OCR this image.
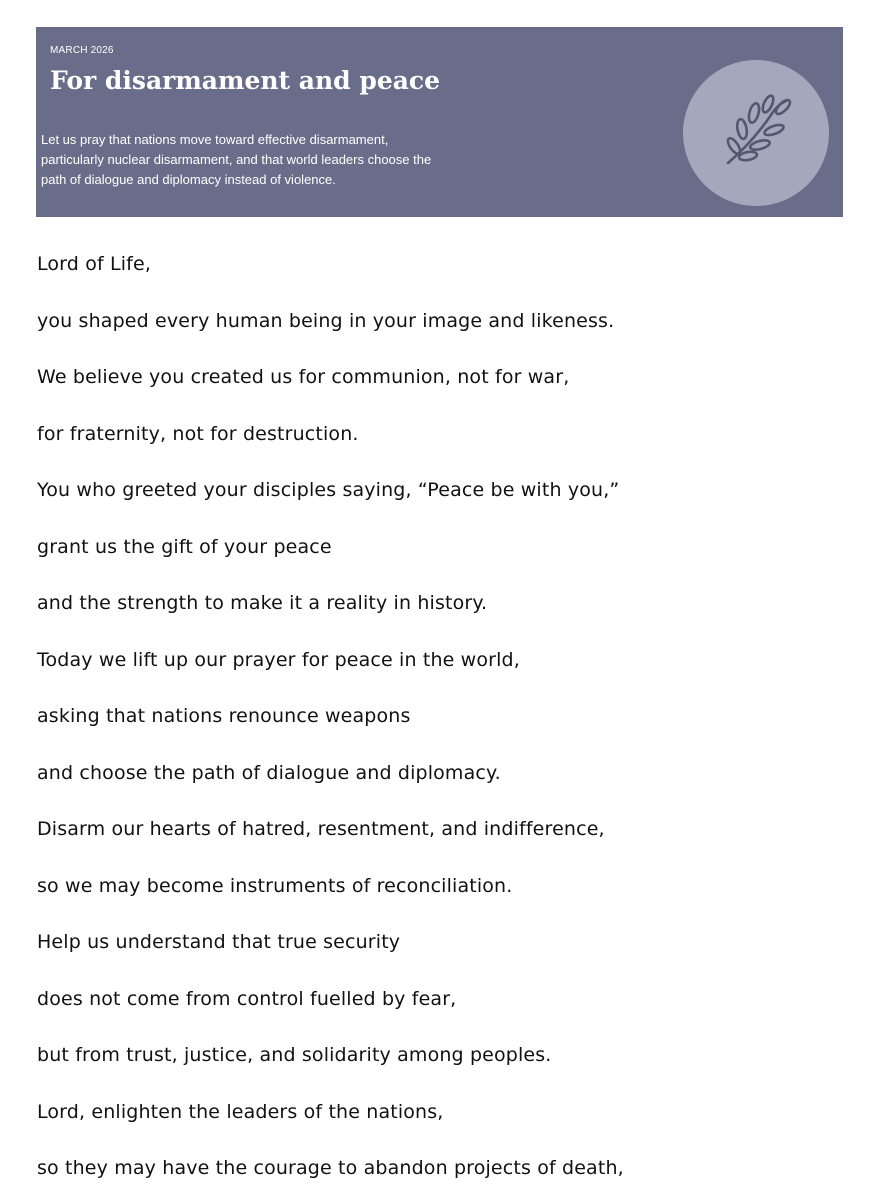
MARCH 2026
For disarmament and peace

Let us pray that nations move toward effective disarmament,
particularly nuclear disarmament, and that world leaders choose the
path of dialogue and diplomacy instead of violence.

Lord of Life,
you shaped every human being in your image and likeness.
We believe you created us for communion, not for war,
for fraternity, not for destruction.
You who greeted your disciples saying, “Peace be with you,”
grant us the gift of your peace
and the strength to make it a reality in history.
Today we lift up our prayer for peace in the world,
asking that nations renounce weapons
and choose the path of dialogue and diplomacy.
Disarm our hearts of hatred, resentment, and indifference,
so we may become instruments of reconciliation.
Help us understand that true security
does not come from control fuelled by fear,
but from trust, justice, and solidarity among peoples.
Lord, enlighten the leaders of the nations,
so they may have the courage to abandon projects of death,
